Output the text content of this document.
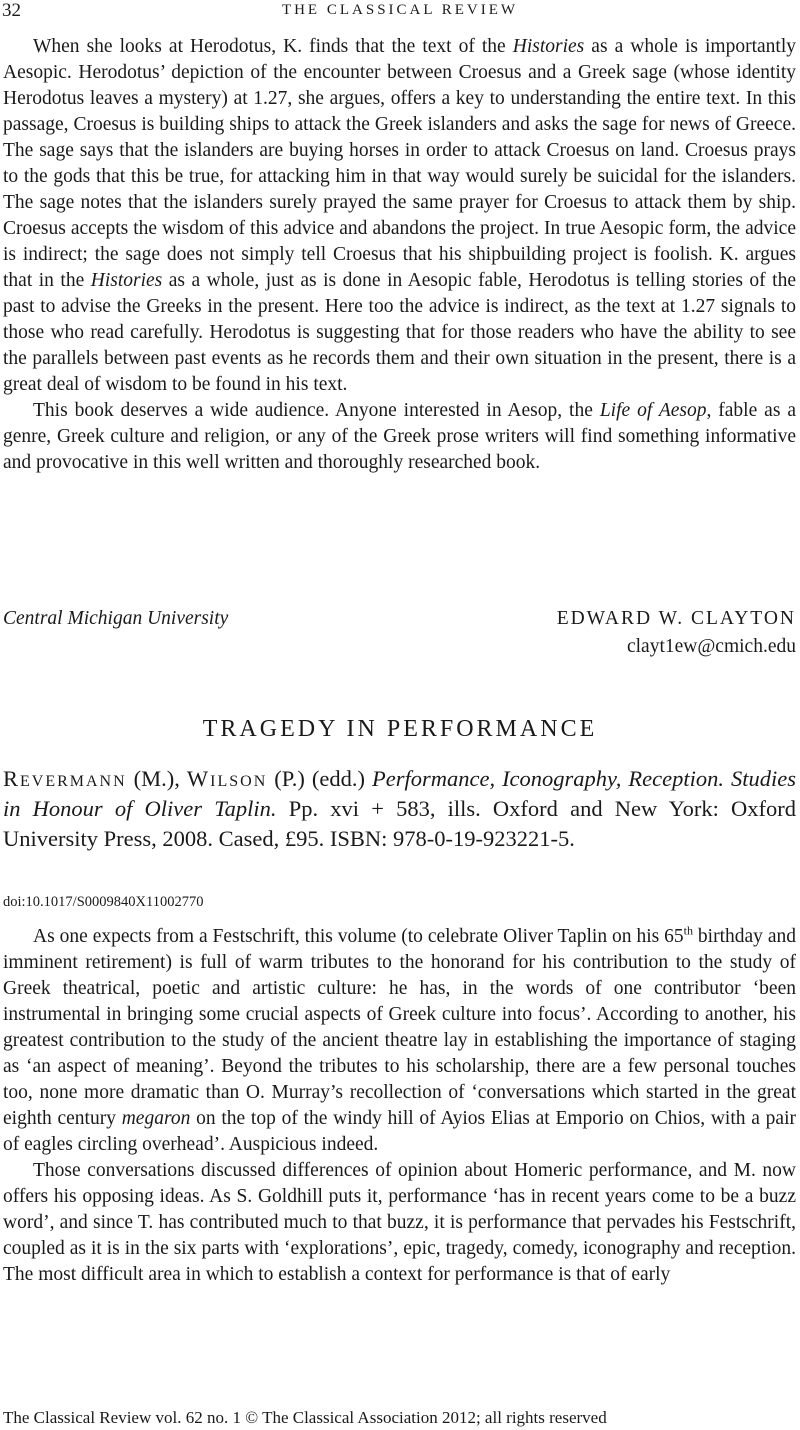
32	THE CLASSICAL REVIEW

When she looks at Herodotus, K. finds that the text of the Histories as a whole is importantly Aesopic. Herodotus’ depiction of the encounter between Croesus and a Greek sage (whose identity Herodotus leaves a mystery) at 1.27, she argues, offers a key to understanding the entire text. In this passage, Croesus is building ships to attack the Greek islanders and asks the sage for news of Greece. The sage says that the islanders are buying horses in order to attack Croesus on land. Croesus prays to the gods that this be true, for attacking him in that way would surely be suicidal for the islanders. The sage notes that the islanders surely prayed the same prayer for Croesus to attack them by ship. Croesus accepts the wisdom of this advice and abandons the project. In true Aesopic form, the advice is indirect; the sage does not simply tell Croesus that his shipbuilding project is foolish. K. argues that in the Histories as a whole, just as is done in Aesopic fable, Herodotus is telling stories of the past to advise the Greeks in the present. Here too the advice is indirect, as the text at 1.27 signals to those who read carefully. Herodotus is suggesting that for those readers who have the ability to see the parallels between past events as he records them and their own situation in the present, there is a great deal of wisdom to be found in his text.

This book deserves a wide audience. Anyone interested in Aesop, the Life of Aesop, fable as a genre, Greek culture and religion, or any of the Greek prose writers will find something informative and provocative in this well written and thoroughly researched book.

Central Michigan University	EDWARD W. CLAYTON
clayt1ew@cmich.edu
TRAGEDY IN PERFORMANCE

Revermann (M.), Wilson (P.) (edd.) Performance, Iconography, Reception. Studies in Honour of Oliver Taplin. Pp. xvi + 583, ills. Oxford and New York: Oxford University Press, 2008. Cased, £95. ISBN: 978-0-19-923221-5.

doi:10.1017/S0009840X11002770

As one expects from a Festschrift, this volume (to celebrate Oliver Taplin on his 65th birthday and imminent retirement) is full of warm tributes to the honorand for his contribution to the study of Greek theatrical, poetic and artistic culture: he has, in the words of one contributor ‘been instrumental in bringing some crucial aspects of Greek culture into focus’. According to another, his greatest contribution to the study of the ancient theatre lay in establishing the importance of staging as ‘an aspect of meaning’. Beyond the tributes to his scholarship, there are a few personal touches too, none more dramatic than O. Murray’s recollection of ‘conversations which started in the great eighth century megaron on the top of the windy hill of Ayios Elias at Emporio on Chios, with a pair of eagles circling overhead’. Auspicious indeed.

Those conversations discussed differences of opinion about Homeric performance, and M. now offers his opposing ideas. As S. Goldhill puts it, performance ‘has in recent years come to be a buzz word’, and since T. has contributed much to that buzz, it is performance that pervades his Festschrift, coupled as it is in the six parts with ‘explorations’, epic, tragedy, comedy, iconography and reception. The most difficult area in which to establish a context for performance is that of early

The Classical Review vol. 62 no. 1 © The Classical Association 2012; all rights reserved
